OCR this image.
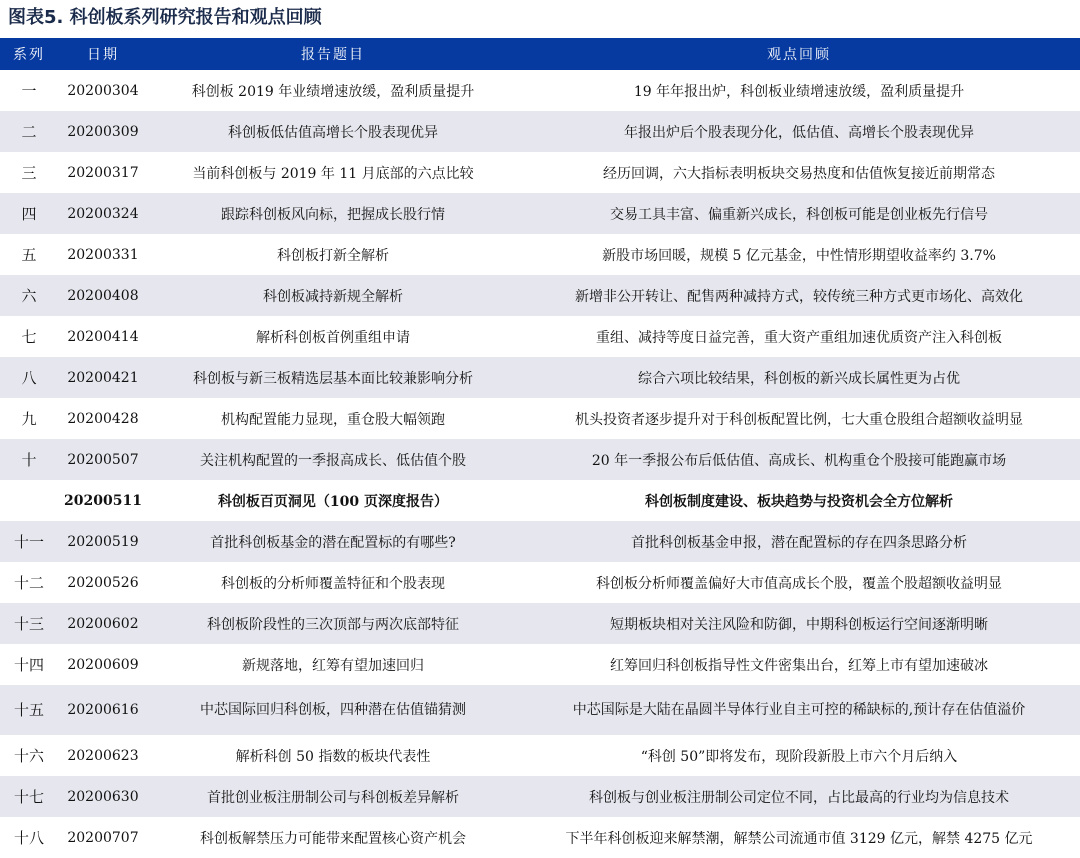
图表5. 科创板系列研究报告和观点回顾
系列	日期	报告题目	观点回顾
一	20200304	科创板 2019 年业绩增速放缓，盈利质量提升	19 年年报出炉，科创板业绩增速放缓，盈利质量提升
二	20200309	科创板低估值高增长个股表现优异	年报出炉后个股表现分化，低估值、高增长个股表现优异
三	20200317	当前科创板与 2019 年 11 月底部的六点比较	经历回调，六大指标表明板块交易热度和估值恢复接近前期常态
四	20200324	跟踪科创板风向标，把握成长股行情	交易工具丰富、偏重新兴成长，科创板可能是创业板先行信号
五	20200331	科创板打新全解析	新股市场回暖，规模 5 亿元基金，中性情形期望收益率约 3.7%
六	20200408	科创板减持新规全解析	新增非公开转让、配售两种减持方式，较传统三种方式更市场化、高效化
七	20200414	解析科创板首例重组申请	重组、减持等度日益完善，重大资产重组加速优质资产注入科创板
八	20200421	科创板与新三板精选层基本面比较兼影响分析	综合六项比较结果，科创板的新兴成长属性更为占优
九	20200428	机构配置能力显现，重仓股大幅领跑	机头投资者逐步提升对于科创板配置比例，七大重仓股组合超额收益明显
十	20200507	关注机构配置的一季报高成长、低估值个股	20 年一季报公布后低估值、高成长、机构重仓个股接可能跑赢市场
	20200511	科创板百页洞见（100 页深度报告）	科创板制度建设、板块趋势与投资机会全方位解析
十一	20200519	首批科创板基金的潜在配置标的有哪些?	首批科创板基金申报，潜在配置标的存在四条思路分析
十二	20200526	科创板的分析师覆盖特征和个股表现	科创板分析师覆盖偏好大市值高成长个股，覆盖个股超额收益明显
十三	20200602	科创板阶段性的三次顶部与两次底部特征	短期板块相对关注风险和防御，中期科创板运行空间逐渐明晰
十四	20200609	新规落地，红筹有望加速回归	红筹回归科创板指导性文件密集出台，红筹上市有望加速破冰
十五	20200616	中芯国际回归科创板，四种潜在估值锚猜测	中芯国际是大陆在晶圆半导体行业自主可控的稀缺标的,预计存在估值溢价
十六	20200623	解析科创 50 指数的板块代表性	“科创 50”即将发布，现阶段新股上市六个月后纳入
十七	20200630	首批创业板注册制公司与科创板差异解析	科创板与创业板注册制公司定位不同，占比最高的行业均为信息技术
十八	20200707	科创板解禁压力可能带来配置核心资产机会	下半年科创板迎来解禁潮，解禁公司流通市值 3129 亿元，解禁 4275 亿元
